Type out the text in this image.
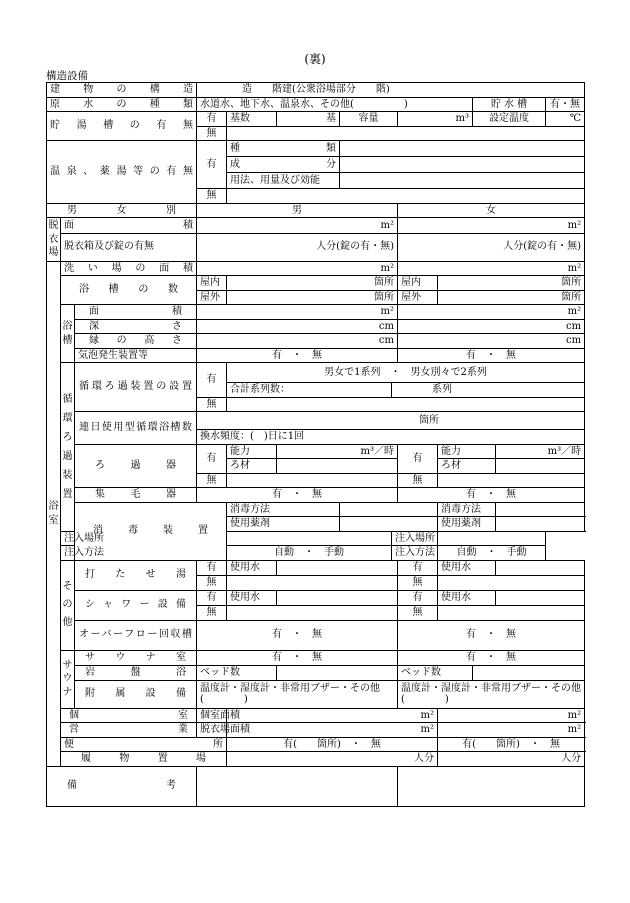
(裏)
構造設備
建物の構造			造　　階建(公衆浴場部分　　階)									
原水の種類			水道水、地下水、温泉水、その他(　　　　　)							貯 水 槽		有・無
貯湯槽の有無			有	基数	基	容量		m³		設定温度		℃
			無									
温泉、薬湯等の有無			有	種類								
				成分								
				用法、用量及び効能								
			無									
男女別			男					女				
脱衣場	面積		m²					m²				
	脱衣箱及び錠の有無		人分(錠の有・無)					人分(錠の有・無)				
浴室	洗い場の面積		m²					m²				
	浴槽の数		屋内	箇所				屋内	箇所			
			屋外	箇所				屋外	箇所			
	浴槽	面積	m²					m²				
		深さ	cm					cm				
		縁の高さ	cm					cm				
		気泡発生装置等	有　・　無					有　・　無				
	循環ろ過装置	循環ろ過装置の設置	有	男女で1系列　・　男女別々で2系列								
				合計系列数：			系列					
			無									
		連日使用型循環浴槽数	箇所									
			換水頻度：(　)日に1回									
		ろ過器	有	能力	m³／時			有	能力		m³／時	
				ろ材					ろ材			
			無					無				
		集毛器	有　・　無					有　・　無				
		消毒装置		消毒方法					消毒方法			
				使用薬剤					使用薬剤			
	注入場所						注入場所					
	注入方法			自動　・　手動			注入方法		自動　・　手動			
	その他	打たせ湯	有	使用水				有	使用水			
			無					無				
		シャワー設備	有	使用水				有	使用水			
			無					無				
		オーバーフロー回収槽	有　・　無					有　・　無				

	サウナ	サウナ室	有　・　無					有　・　無				
		岩盤浴	ベッド数					ベッド数				
		附属設備	温度計・湿度計・非常用ブザー・その他(　　　　)					温度計・湿度計・非常用ブザー・その他(　　　　)				

	個室		個室面積	m²					m²			
	営業		脱衣場面積	m²					m²			
	便所			有(　　箇所)　・　無					有(　　箇所)　・　無			
	履物置場			人分					人分			
備考												
